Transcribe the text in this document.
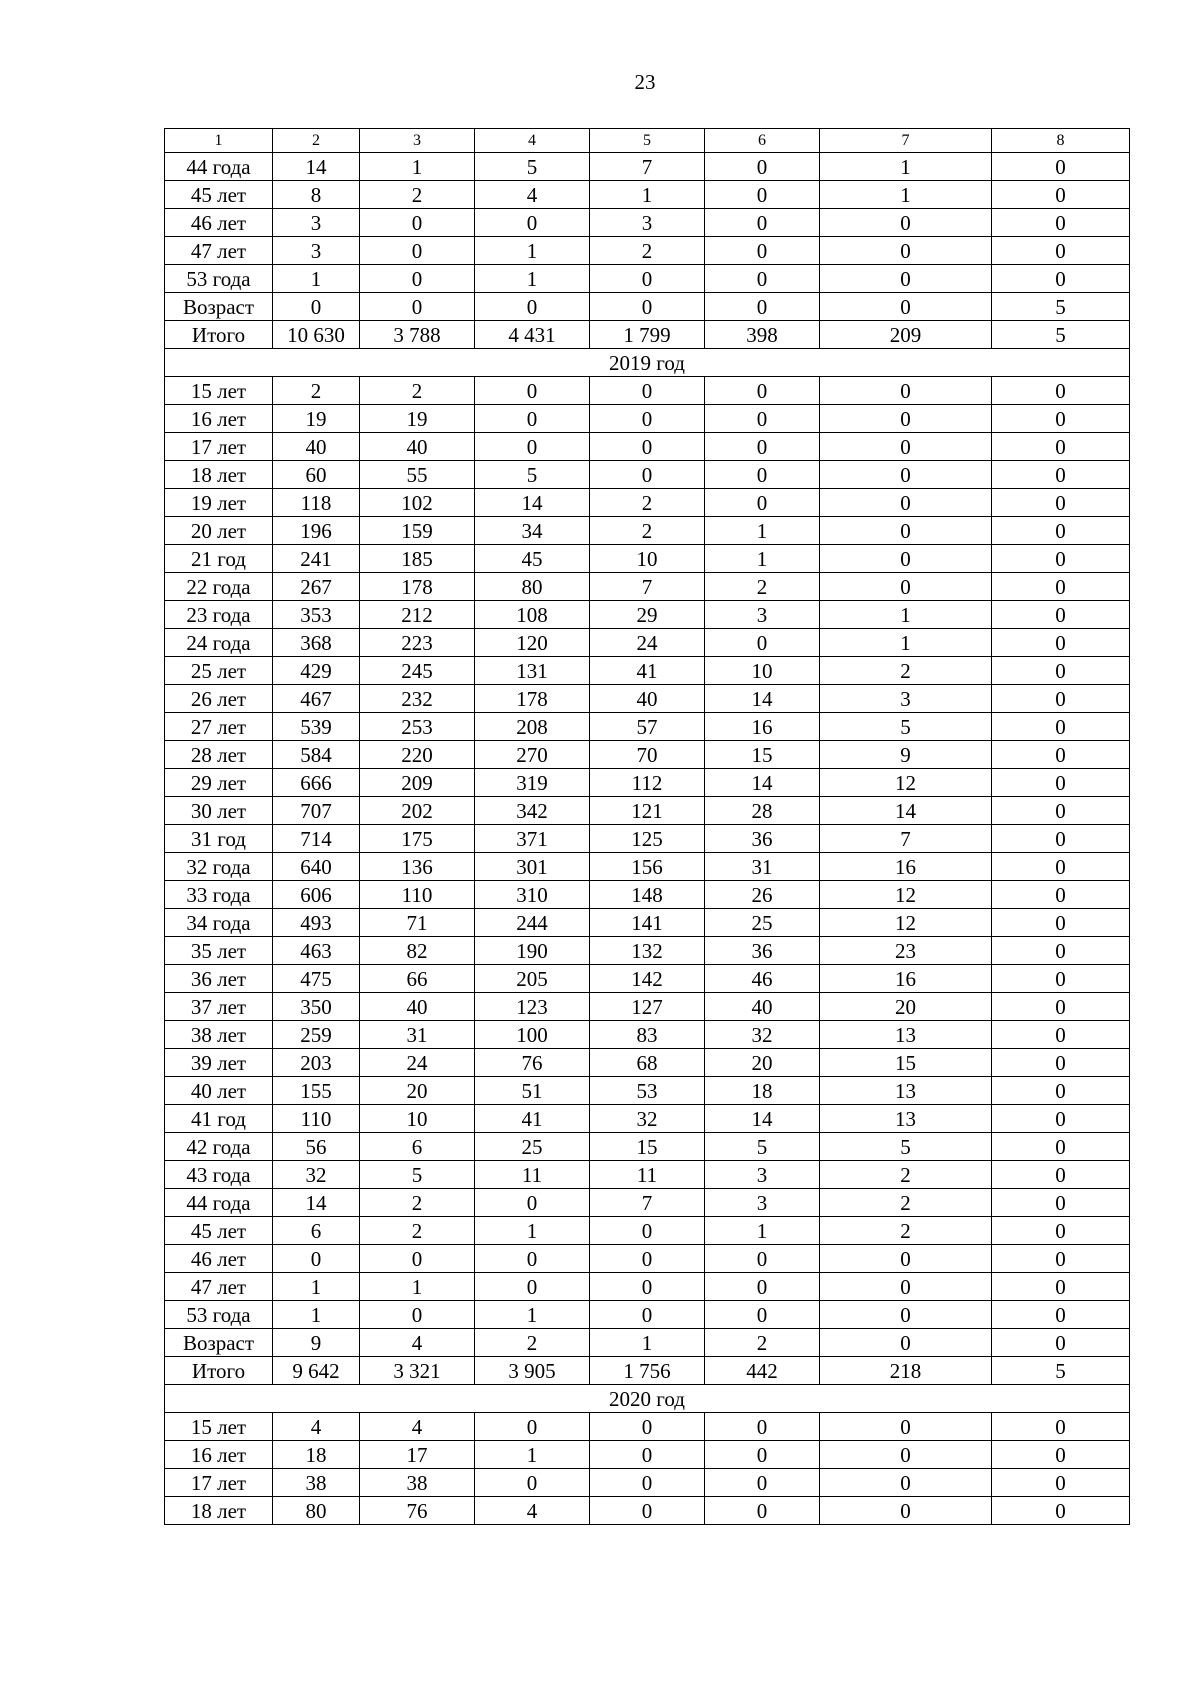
23
1	2	3	4	5	6	7	8
44 года	14	1	5	7	0	1	0
45 лет	8	2	4	1	0	1	0
46 лет	3	0	0	3	0	0	0
47 лет	3	0	1	2	0	0	0
53 года	1	0	1	0	0	0	0
Возраст	0	0	0	0	0	0	5
Итого	10 630	3 788	4 431	1 799	398	209	5
2019 год							
15 лет	2	2	0	0	0	0	0
16 лет	19	19	0	0	0	0	0
17 лет	40	40	0	0	0	0	0
18 лет	60	55	5	0	0	0	0
19 лет	118	102	14	2	0	0	0
20 лет	196	159	34	2	1	0	0
21 год	241	185	45	10	1	0	0
22 года	267	178	80	7	2	0	0
23 года	353	212	108	29	3	1	0
24 года	368	223	120	24	0	1	0
25 лет	429	245	131	41	10	2	0
26 лет	467	232	178	40	14	3	0
27 лет	539	253	208	57	16	5	0
28 лет	584	220	270	70	15	9	0
29 лет	666	209	319	112	14	12	0
30 лет	707	202	342	121	28	14	0
31 год	714	175	371	125	36	7	0
32 года	640	136	301	156	31	16	0
33 года	606	110	310	148	26	12	0
34 года	493	71	244	141	25	12	0
35 лет	463	82	190	132	36	23	0
36 лет	475	66	205	142	46	16	0
37 лет	350	40	123	127	40	20	0
38 лет	259	31	100	83	32	13	0
39 лет	203	24	76	68	20	15	0
40 лет	155	20	51	53	18	13	0
41 год	110	10	41	32	14	13	0
42 года	56	6	25	15	5	5	0
43 года	32	5	11	11	3	2	0
44 года	14	2	0	7	3	2	0
45 лет	6	2	1	0	1	2	0
46 лет	0	0	0	0	0	0	0
47 лет	1	1	0	0	0	0	0
53 года	1	0	1	0	0	0	0
Возраст	9	4	2	1	2	0	0
Итого	9 642	3 321	3 905	1 756	442	218	5
2020 год							
15 лет	4	4	0	0	0	0	0
16 лет	18	17	1	0	0	0	0
17 лет	38	38	0	0	0	0	0
18 лет	80	76	4	0	0	0	0
